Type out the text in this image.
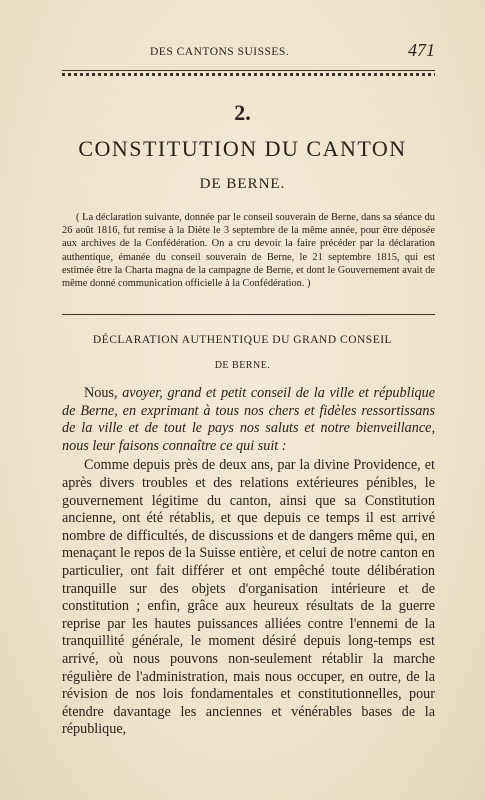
DES CANTONS SUISSES.	471
2.
CONSTITUTION DU CANTON
DE BERNE.
( La déclaration suivante, donnée par le conseil souverain de Berne, dans sa séance du 26 août 1816, fut remise à la Diète le 3 septembre de la même année, pour être déposée aux archives de la Confédération. On a cru devoir la faire précéder par la déclaration authentique, émanée du conseil souverain de Berne, le 21 septembre 1815, qui est estimée être la Charta magna de la campagne de Berne, et dont le Gouvernement avait de même donné communication officielle à la Confédération. )
DÉCLARATION AUTHENTIQUE DU GRAND CONSEIL
DE BERNE.

Nous, avoyer, grand et petit conseil de la ville et république de Berne, en exprimant à tous nos chers et fidèles ressortissans de la ville et de tout le pays nos saluts et notre bienveillance, nous leur faisons connaître ce qui suit :

Comme depuis près de deux ans, par la divine Providence, et après divers troubles et des relations extérieures pénibles, le gouvernement légitime du canton, ainsi que sa Constitution ancienne, ont été rétablis, et que depuis ce temps il est arrivé nombre de difficultés, de discussions et de dangers même qui, en menaçant le repos de la Suisse entière, et celui de notre canton en particulier, ont fait différer et ont empêché toute délibération tranquille sur des objets d'organisation intérieure et de constitution ; enfin, grâce aux heureux résultats de la guerre reprise par les hautes puissances alliées contre l'ennemi de la tranquillité générale, le moment désiré depuis long-temps est arrivé, où nous pouvons non-seulement rétablir la marche régulière de l'administration, mais nous occuper, en outre, de la révision de nos lois fondamentales et constitutionnelles, pour étendre davantage les anciennes et vénérables bases de la république,
